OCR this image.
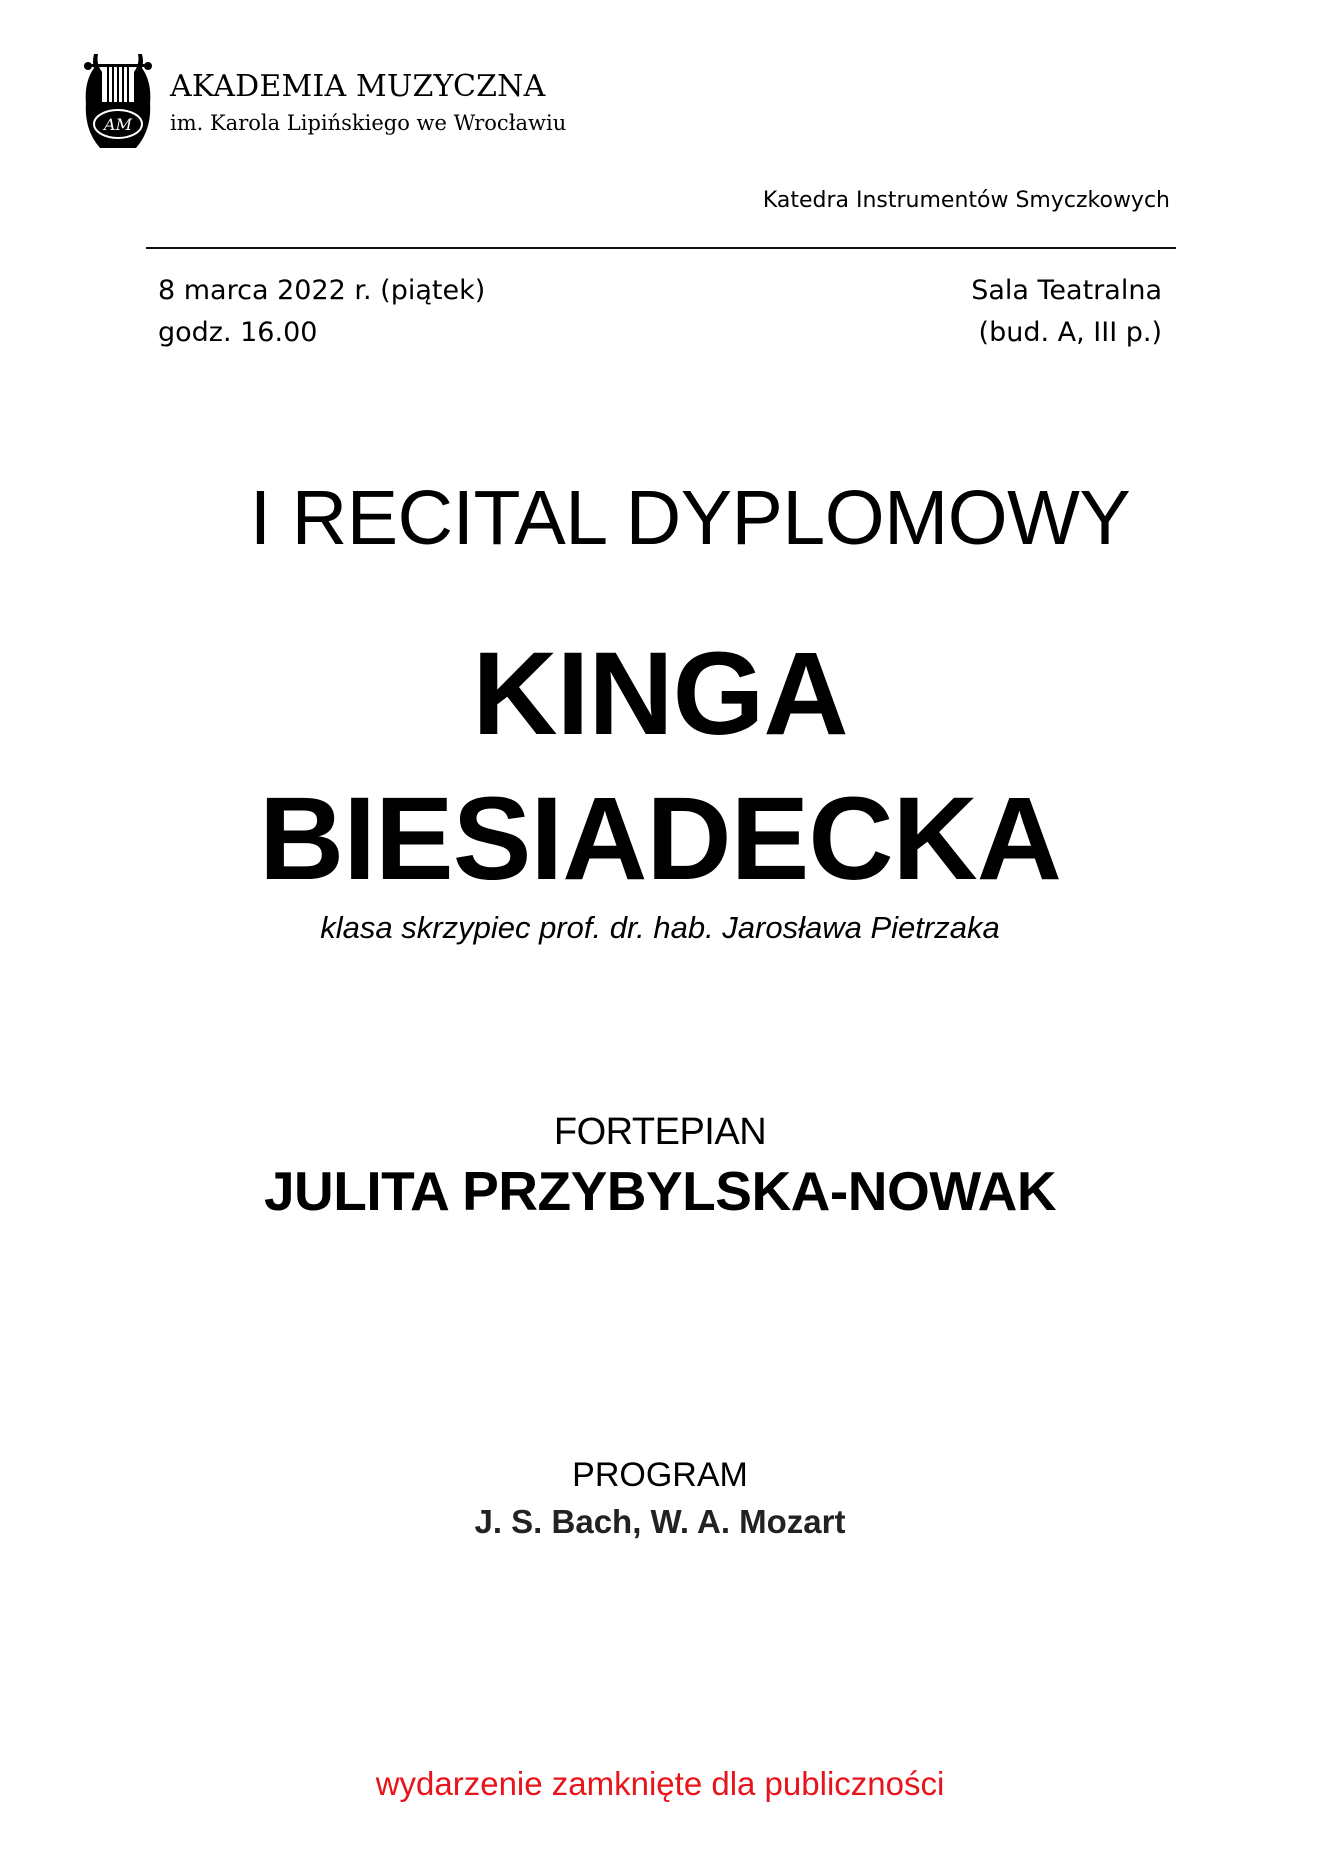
AM
AKADEMIA MUZYCZNA
im. Karola Lipińskiego we Wrocławiu
Katedra Instrumentów Smyczkowych
8 marca 2022 r. (piątek)
godz. 16.00
Sala Teatralna
(bud. A, III p.)
I RECITAL DYPLOMOWY
KINGA
BIESIADECKA
klasa skrzypiec prof. dr. hab. Jarosława Pietrzaka
FORTEPIAN
JULITA PRZYBYLSKA-NOWAK
PROGRAM
J. S. Bach, W. A. Mozart
wydarzenie zamknięte dla publiczności
